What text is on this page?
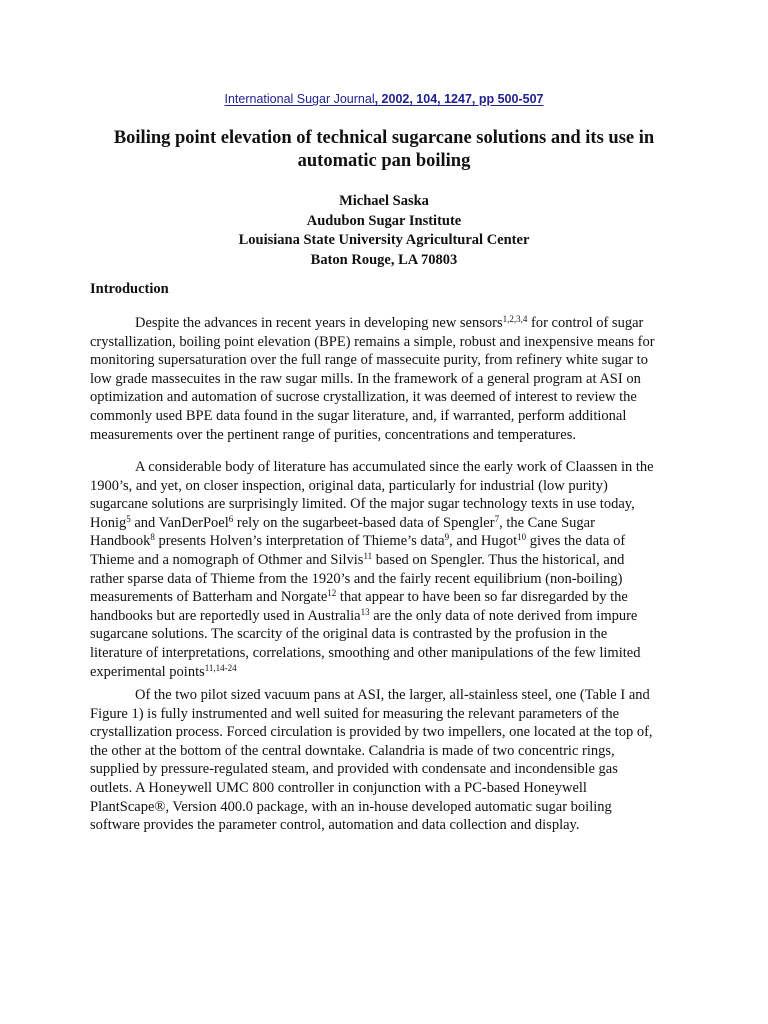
International Sugar Journal, 2002, 104, 1247, pp 500-507
Boiling point elevation of technical sugarcane solutions and its use in
automatic pan boiling
Michael Saska
Audubon Sugar Institute
Louisiana State University Agricultural Center
Baton Rouge, LA 70803
Introduction

Despite the advances in recent years in developing new sensors$^{1,2,3,4}$ for control of sugar
crystallization, boiling point elevation (BPE) remains a simple, robust and inexpensive means for
monitoring supersaturation over the full range of massecuite purity, from refinery white sugar to
low grade massecuites in the raw sugar mills. In the framework of a general program at ASI on
optimization and automation of sucrose crystallization, it was deemed of interest to review the
commonly used BPE data found in the sugar literature, and, if warranted, perform additional
measurements over the pertinent range of purities, concentrations and temperatures.

A considerable body of literature has accumulated since the early work of Claassen in the
1900’s, and yet, on closer inspection, original data, particularly for industrial (low purity)
sugarcane solutions are surprisingly limited. Of the major sugar technology texts in use today,
Honig$^5$ and VanDerPoel$^6$ rely on the sugarbeet-based data of Spengler$^7$, the Cane Sugar
Handbook$^8$ presents Holven’s interpretation of Thieme’s data$^9$, and Hugot$^{10}$ gives the data of
Thieme and a nomograph of Othmer and Silvis$^{11}$ based on Spengler. Thus the historical, and
rather sparse data of Thieme from the 1920’s and the fairly recent equilibrium (non-boiling)
measurements of Batterham and Norgate$^{12}$ that appear to have been so far disregarded by the
handbooks but are reportedly used in Australia$^{13}$ are the only data of note derived from impure
sugarcane solutions. The scarcity of the original data is contrasted by the profusion in the
literature of interpretations, correlations, smoothing and other manipulations of the few limited
experimental points$^{11,14-24}$

Of the two pilot sized vacuum pans at ASI, the larger, all-stainless steel, one (Table I and
Figure 1) is fully instrumented and well suited for measuring the relevant parameters of the
crystallization process. Forced circulation is provided by two impellers, one located at the top of,
the other at the bottom of the central downtake. Calandria is made of two concentric rings,
supplied by pressure-regulated steam, and provided with condensate and incondensible gas
outlets. A Honeywell UMC 800 controller in conjunction with a PC-based Honeywell
PlantScape®, Version 400.0 package, with an in-house developed automatic sugar boiling
software provides the parameter control, automation and data collection and display.
